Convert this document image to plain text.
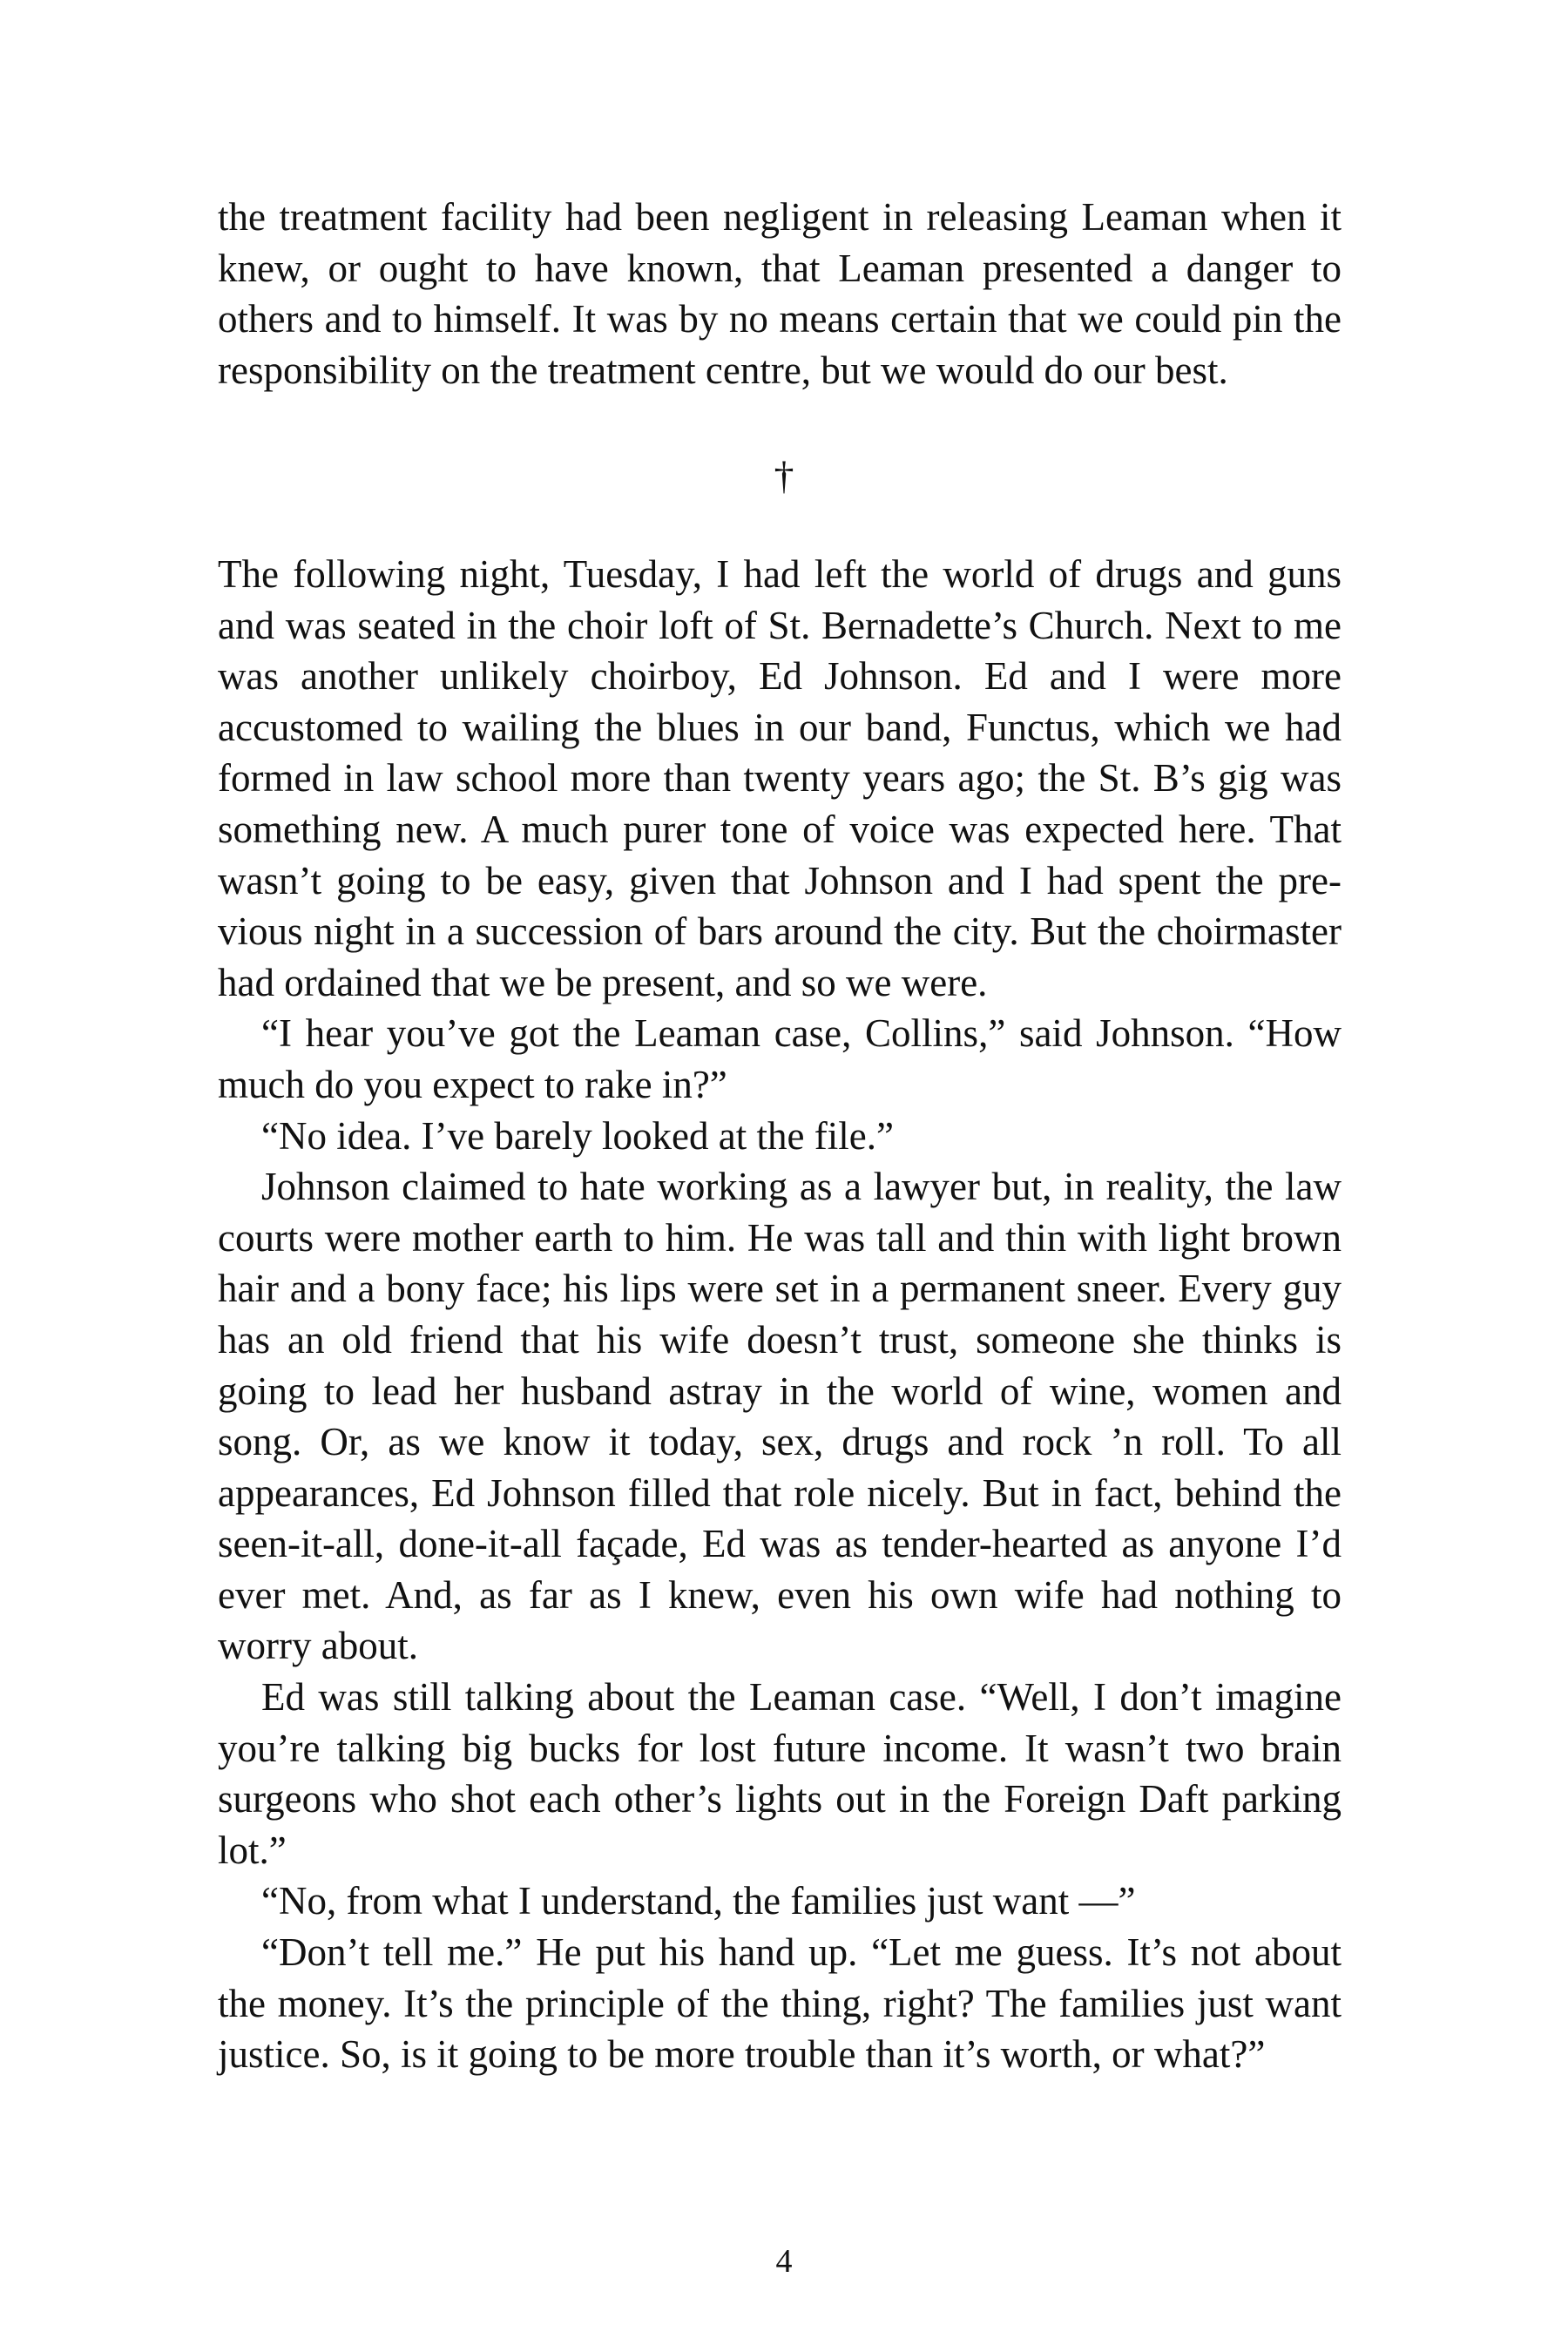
the treatment facility had been negligent in releasing Leaman when it knew, or ought to have known, that Leaman presented a danger to others and to himself. It was by no means certain that we could pin the responsibility on the treatment centre, but we would do our best.

†

The following night, Tuesday, I had left the world of drugs and guns and was seated in the choir loft of St. Bernadette’s Church. Next to me was another unlikely choirboy, Ed Johnson. Ed and I were more accustomed to wailing the blues in our band, Functus, which we had formed in law school more than twenty years ago; the St. B’s gig was something new. A much purer tone of voice was expected here. That wasn’t going to be easy, given that Johnson and I had spent the previous night in a succession of bars around the city. But the choirmaster had ordained that we be present, and so we were.

“I hear you’ve got the Leaman case, Collins,” said Johnson. “How much do you expect to rake in?”

“No idea. I’ve barely looked at the file.”

Johnson claimed to hate working as a lawyer but, in reality, the law courts were mother earth to him. He was tall and thin with light brown hair and a bony face; his lips were set in a permanent sneer. Every guy has an old friend that his wife doesn’t trust, someone she thinks is going to lead her husband astray in the world of wine, women and song. Or, as we know it today, sex, drugs and rock ’n roll. To all appearances, Ed Johnson filled that role nicely. But in fact, behind the seen-it-all, done-it-all façade, Ed was as tender-hearted as anyone I’d ever met. And, as far as I knew, even his own wife had nothing to worry about.

Ed was still talking about the Leaman case. “Well, I don’t imagine you’re talking big bucks for lost future income. It wasn’t two brain surgeons who shot each other’s lights out in the Foreign Daft parking lot.”

“No, from what I understand, the families just want —”

“Don’t tell me.” He put his hand up. “Let me guess. It’s not about the money. It’s the principle of the thing, right? The families just want justice. So, is it going to be more trouble than it’s worth, or what?”

4
